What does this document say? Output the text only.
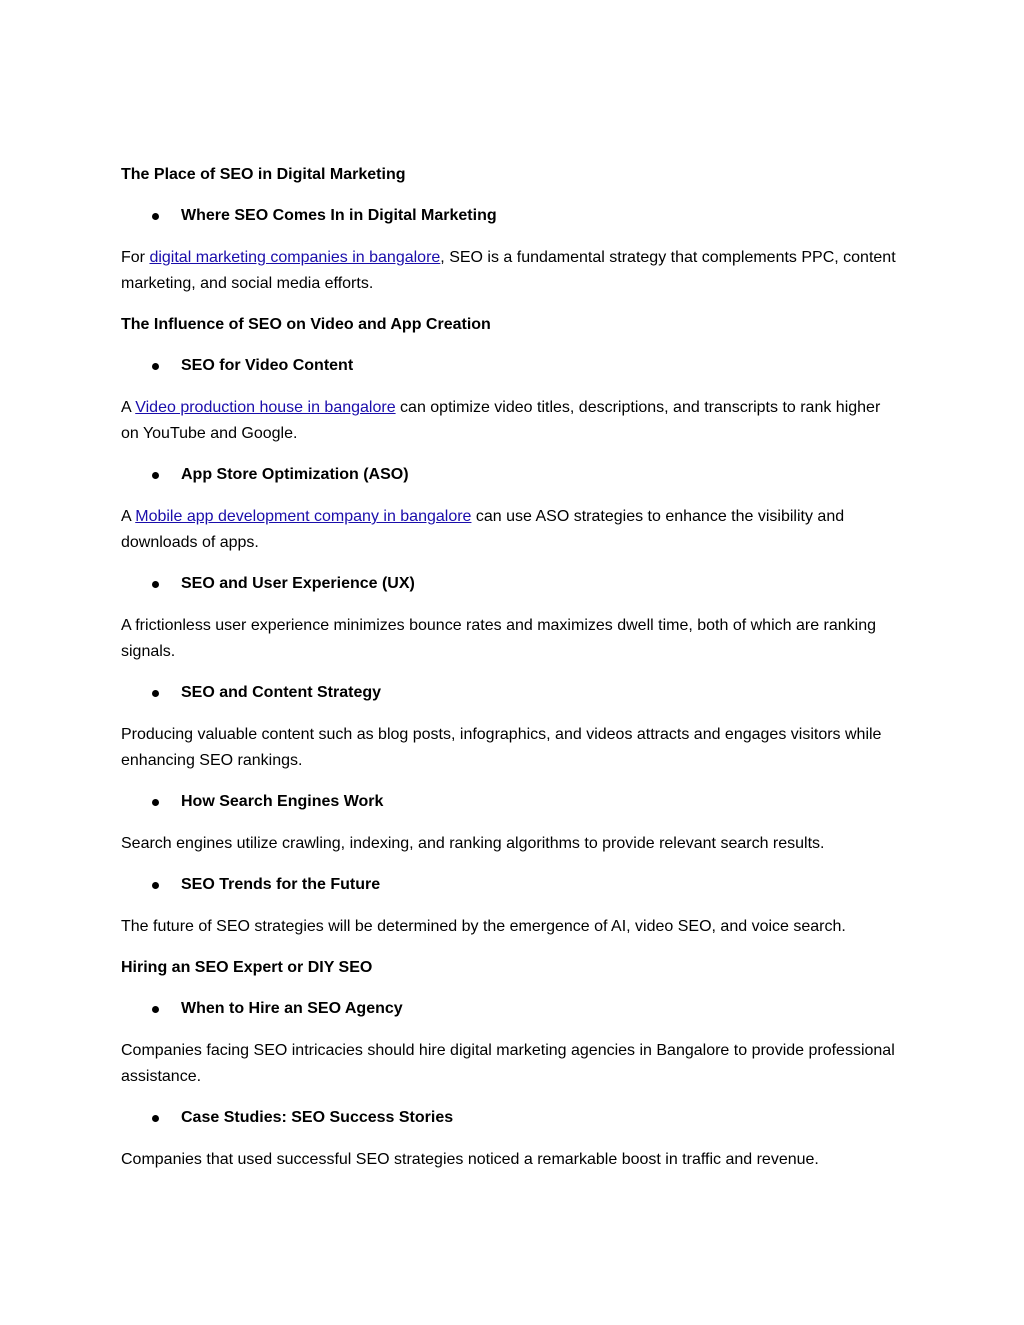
The Place of SEO in Digital Marketing
Where SEO Comes In in Digital Marketing
For digital marketing companies in bangalore, SEO is a fundamental strategy that complements PPC, content marketing, and social media efforts.
The Influence of SEO on Video and App Creation
SEO for Video Content
A Video production house in bangalore can optimize video titles, descriptions, and transcripts to rank higher on YouTube and Google.
App Store Optimization (ASO)
A Mobile app development company in bangalore can use ASO strategies to enhance the visibility and downloads of apps.
SEO and User Experience (UX)
A frictionless user experience minimizes bounce rates and maximizes dwell time, both of which are ranking signals.
SEO and Content Strategy
Producing valuable content such as blog posts, infographics, and videos attracts and engages visitors while enhancing SEO rankings.
How Search Engines Work
Search engines utilize crawling, indexing, and ranking algorithms to provide relevant search results.
SEO Trends for the Future
The future of SEO strategies will be determined by the emergence of AI, video SEO, and voice search.
Hiring an SEO Expert or DIY SEO
When to Hire an SEO Agency
Companies facing SEO intricacies should hire digital marketing agencies in Bangalore to provide professional assistance.
Case Studies: SEO Success Stories
Companies that used successful SEO strategies noticed a remarkable boost in traffic and revenue.
